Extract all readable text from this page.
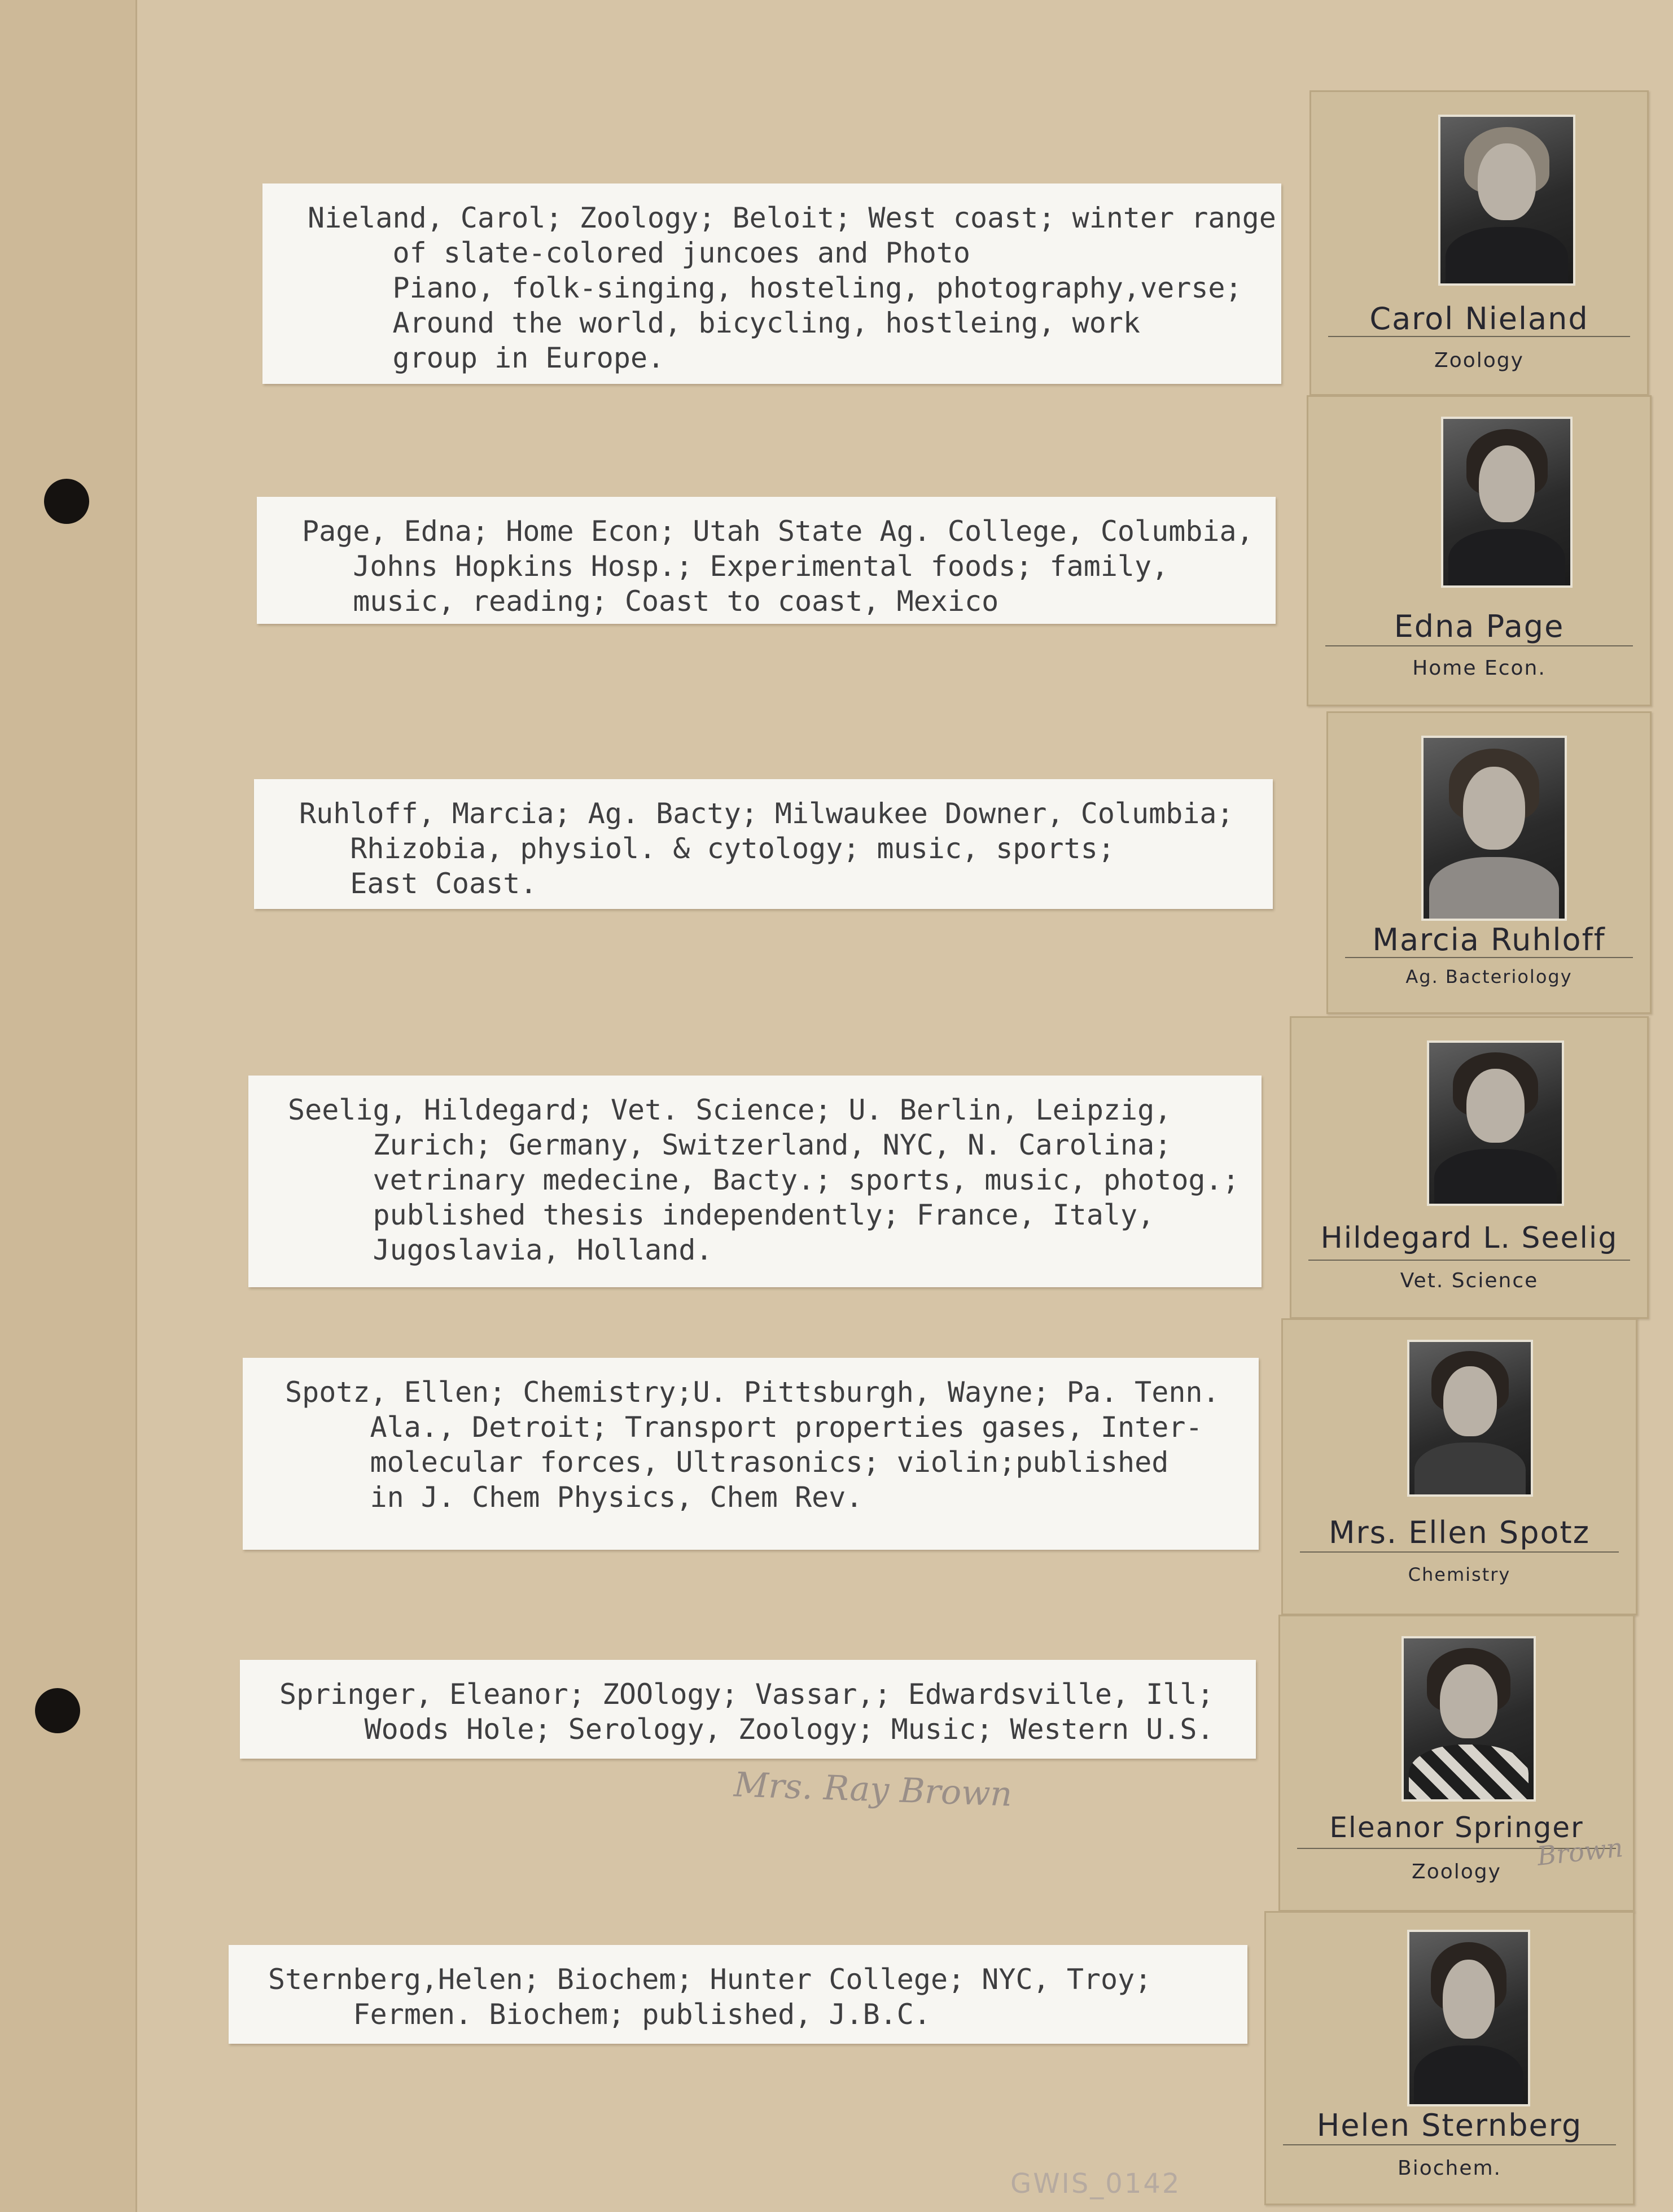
Nieland, Carol; Zoology; Beloit; West coast; winter range
of slate-colored juncoes and Photo
Piano, folk-singing, hosteling, photography,verse;
Around the world, bicycling, hostleing, work
group in Europe.
Page, Edna; Home Econ; Utah State Ag. College, Columbia,
Johns Hopkins Hosp.; Experimental foods; family,
music, reading; Coast to coast, Mexico
Ruhloff, Marcia; Ag. Bacty; Milwaukee Downer, Columbia;
Rhizobia, physiol. & cytology; music, sports;
East Coast.
Seelig, Hildegard; Vet. Science; U. Berlin, Leipzig,
Zurich; Germany, Switzerland, NYC, N. Carolina;
vetrinary medecine, Bacty.; sports, music, photog.;
published thesis independently; France, Italy,
Jugoslavia, Holland.
Spotz, Ellen; Chemistry;U. Pittsburgh, Wayne; Pa. Tenn.
Ala., Detroit; Transport properties gases, Inter-
molecular forces, Ultrasonics; violin;published
in J. Chem Physics, Chem Rev.
Springer, Eleanor; ZOOlogy; Vassar,; Edwardsville, Ill;
Woods Hole; Serology, Zoology; Music; Western U.S.
Mrs. Ray Brown
Sternberg,Helen; Biochem; Hunter College; NYC, Troy;
Fermen. Biochem; published, J.B.C.
Carol Nieland
Zoology
Edna Page
Home Econ.
Marcia Ruhloff
Ag. Bacteriology
Hildegard L. Seelig
Vet. Science
Mrs. Ellen Spotz
Chemistry
Eleanor Springer
Zoology
Brown
Helen Sternberg
Biochem.
GWIS_0142
